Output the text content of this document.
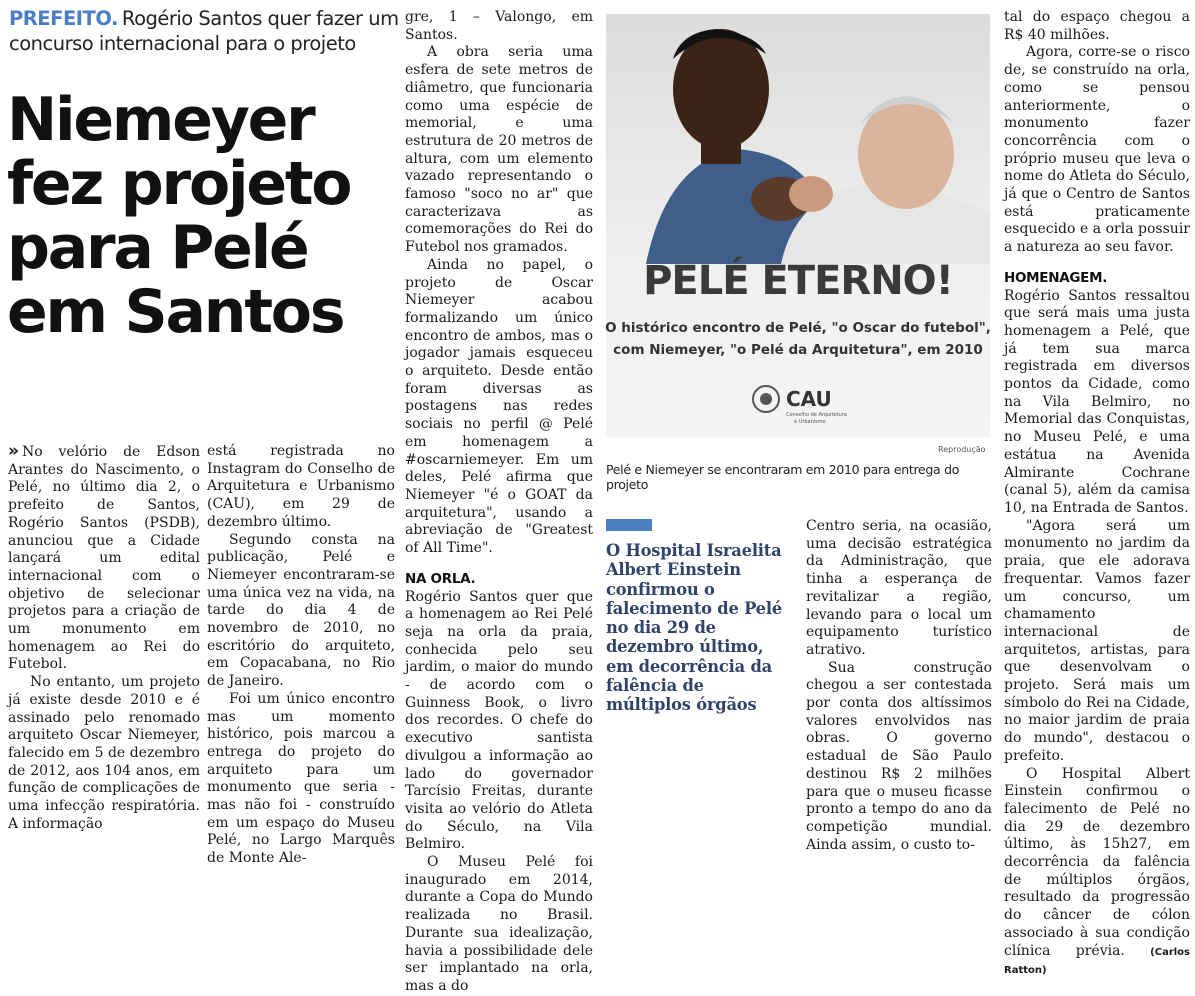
PREFEITO. Rogério Santos quer fazer um concurso internacional para o projeto
Niemeyer
fez projeto
para Pelé
em Santos

» No velório de Edson Arantes do Nascimento, o Pelé, no último dia 2, o prefeito de Santos, Rogério Santos (PSDB), anunciou que a Cidade lançará um edital internacional com o objetivo de selecionar projetos para a criação de um monumento em homenagem ao Rei do Futebol.

No entanto, um projeto já existe desde 2010 e é assinado pelo renomado arquiteto Oscar Niemeyer, falecido em 5 de dezembro de 2012, aos 104 anos, em função de complicações de uma infecção respiratória. A informação

está registrada no Instagram do Conselho de Arquitetura e Urbanismo (CAU), em 29 de dezembro último.

Segundo consta na publicação, Pelé e Niemeyer encontraram-se uma única vez na vida, na tarde do dia 4 de novembro de 2010, no escritório do arquiteto, em Copacabana, no Rio de Janeiro.

Foi um único encontro mas um momento histórico, pois marcou a entrega do projeto do arquiteto para um monumento que seria - mas não foi - construído em um espaço do Museu Pelé, no Largo Marquês de Monte Ale-

gre, 1 – Valongo, em Santos.

A obra seria uma esfera de sete metros de diâmetro, que funcionaria como uma espécie de memorial, e uma estrutura de 20 metros de altura, com um elemento vazado representando o famoso "soco no ar" que caracterizava as comemorações do Rei do Futebol nos gramados.

Ainda no papel, o projeto de Oscar Niemeyer acabou formalizando um único encontro de ambos, mas o jogador jamais esqueceu o arquiteto. Desde então foram diversas as postagens nas redes sociais no perfil @ Pelé em homenagem a #oscarniemeyer. Em um deles, Pelé afirma que Niemeyer "é o GOAT da arquitetura", usando a abreviação de "Greatest of All Time".

NA ORLA.

Rogério Santos quer que a homenagem ao Rei Pelé seja na orla da praia, conhecida pelo seu jardim, o maior do mundo - de acordo com o Guinness Book, o livro dos recordes. O chefe do executivo santista divulgou a informação ao lado do governador Tarcísio Freitas, durante visita ao velório do Atleta do Século, na Vila Belmiro.

O Museu Pelé foi inaugurado em 2014, durante a Copa do Mundo realizada no Brasil. Durante sua idealização, havia a possibilidade dele ser implantado na orla, mas a do

PELÉ ETERNO!
O histórico encontro de Pelé, "o Oscar do futebol",
com Niemeyer, "o Pelé da Arquitetura", em 2010
CAU
Conselho de Arquitetura
e Urbanismo
Reprodução
Pelé e Niemeyer se encontraram em 2010 para entrega do projeto
O Hospital Israelita Albert Einstein confirmou o falecimento de Pelé no dia 29 de dezembro último, em decorrência da falência de múltiplos órgãos

Centro seria, na ocasião, uma decisão estratégica da Administração, que tinha a esperança de revitalizar a região, levando para o local um equipamento turístico atrativo.

Sua construção chegou a ser contestada por conta dos altíssimos valores envolvidos nas obras. O governo estadual de São Paulo destinou R$ 2 milhões para que o museu ficasse pronto a tempo do ano da competição mundial. Ainda assim, o custo to-

tal do espaço chegou a R$ 40 milhões.

Agora, corre-se o risco de, se construído na orla, como se pensou anteriormente, o monumento fazer concorrência com o próprio museu que leva o nome do Atleta do Século, já que o Centro de Santos está praticamente esquecido e a orla possuir a natureza ao seu favor.

HOMENAGEM.

Rogério Santos ressaltou que será mais uma justa homenagem a Pelé, que já tem sua marca registrada em diversos pontos da Cidade, como na Vila Belmiro, no Memorial das Conquistas, no Museu Pelé, e uma estátua na Avenida Almirante Cochrane (canal 5), além da camisa 10, na Entrada de Santos.

"Agora será um monumento no jardim da praia, que ele adorava frequentar. Vamos fazer um concurso, um chamamento internacional de arquitetos, artistas, para que desenvolvam o projeto. Será mais um símbolo do Rei na Cidade, no maior jardim de praia do mundo", destacou o prefeito.

O Hospital Albert Einstein confirmou o falecimento de Pelé no dia 29 de dezembro último, às 15h27, em decorrência da falência de múltiplos órgãos, resultado da progressão do câncer de cólon associado à sua condição clínica prévia.	(Carlos Ratton)
